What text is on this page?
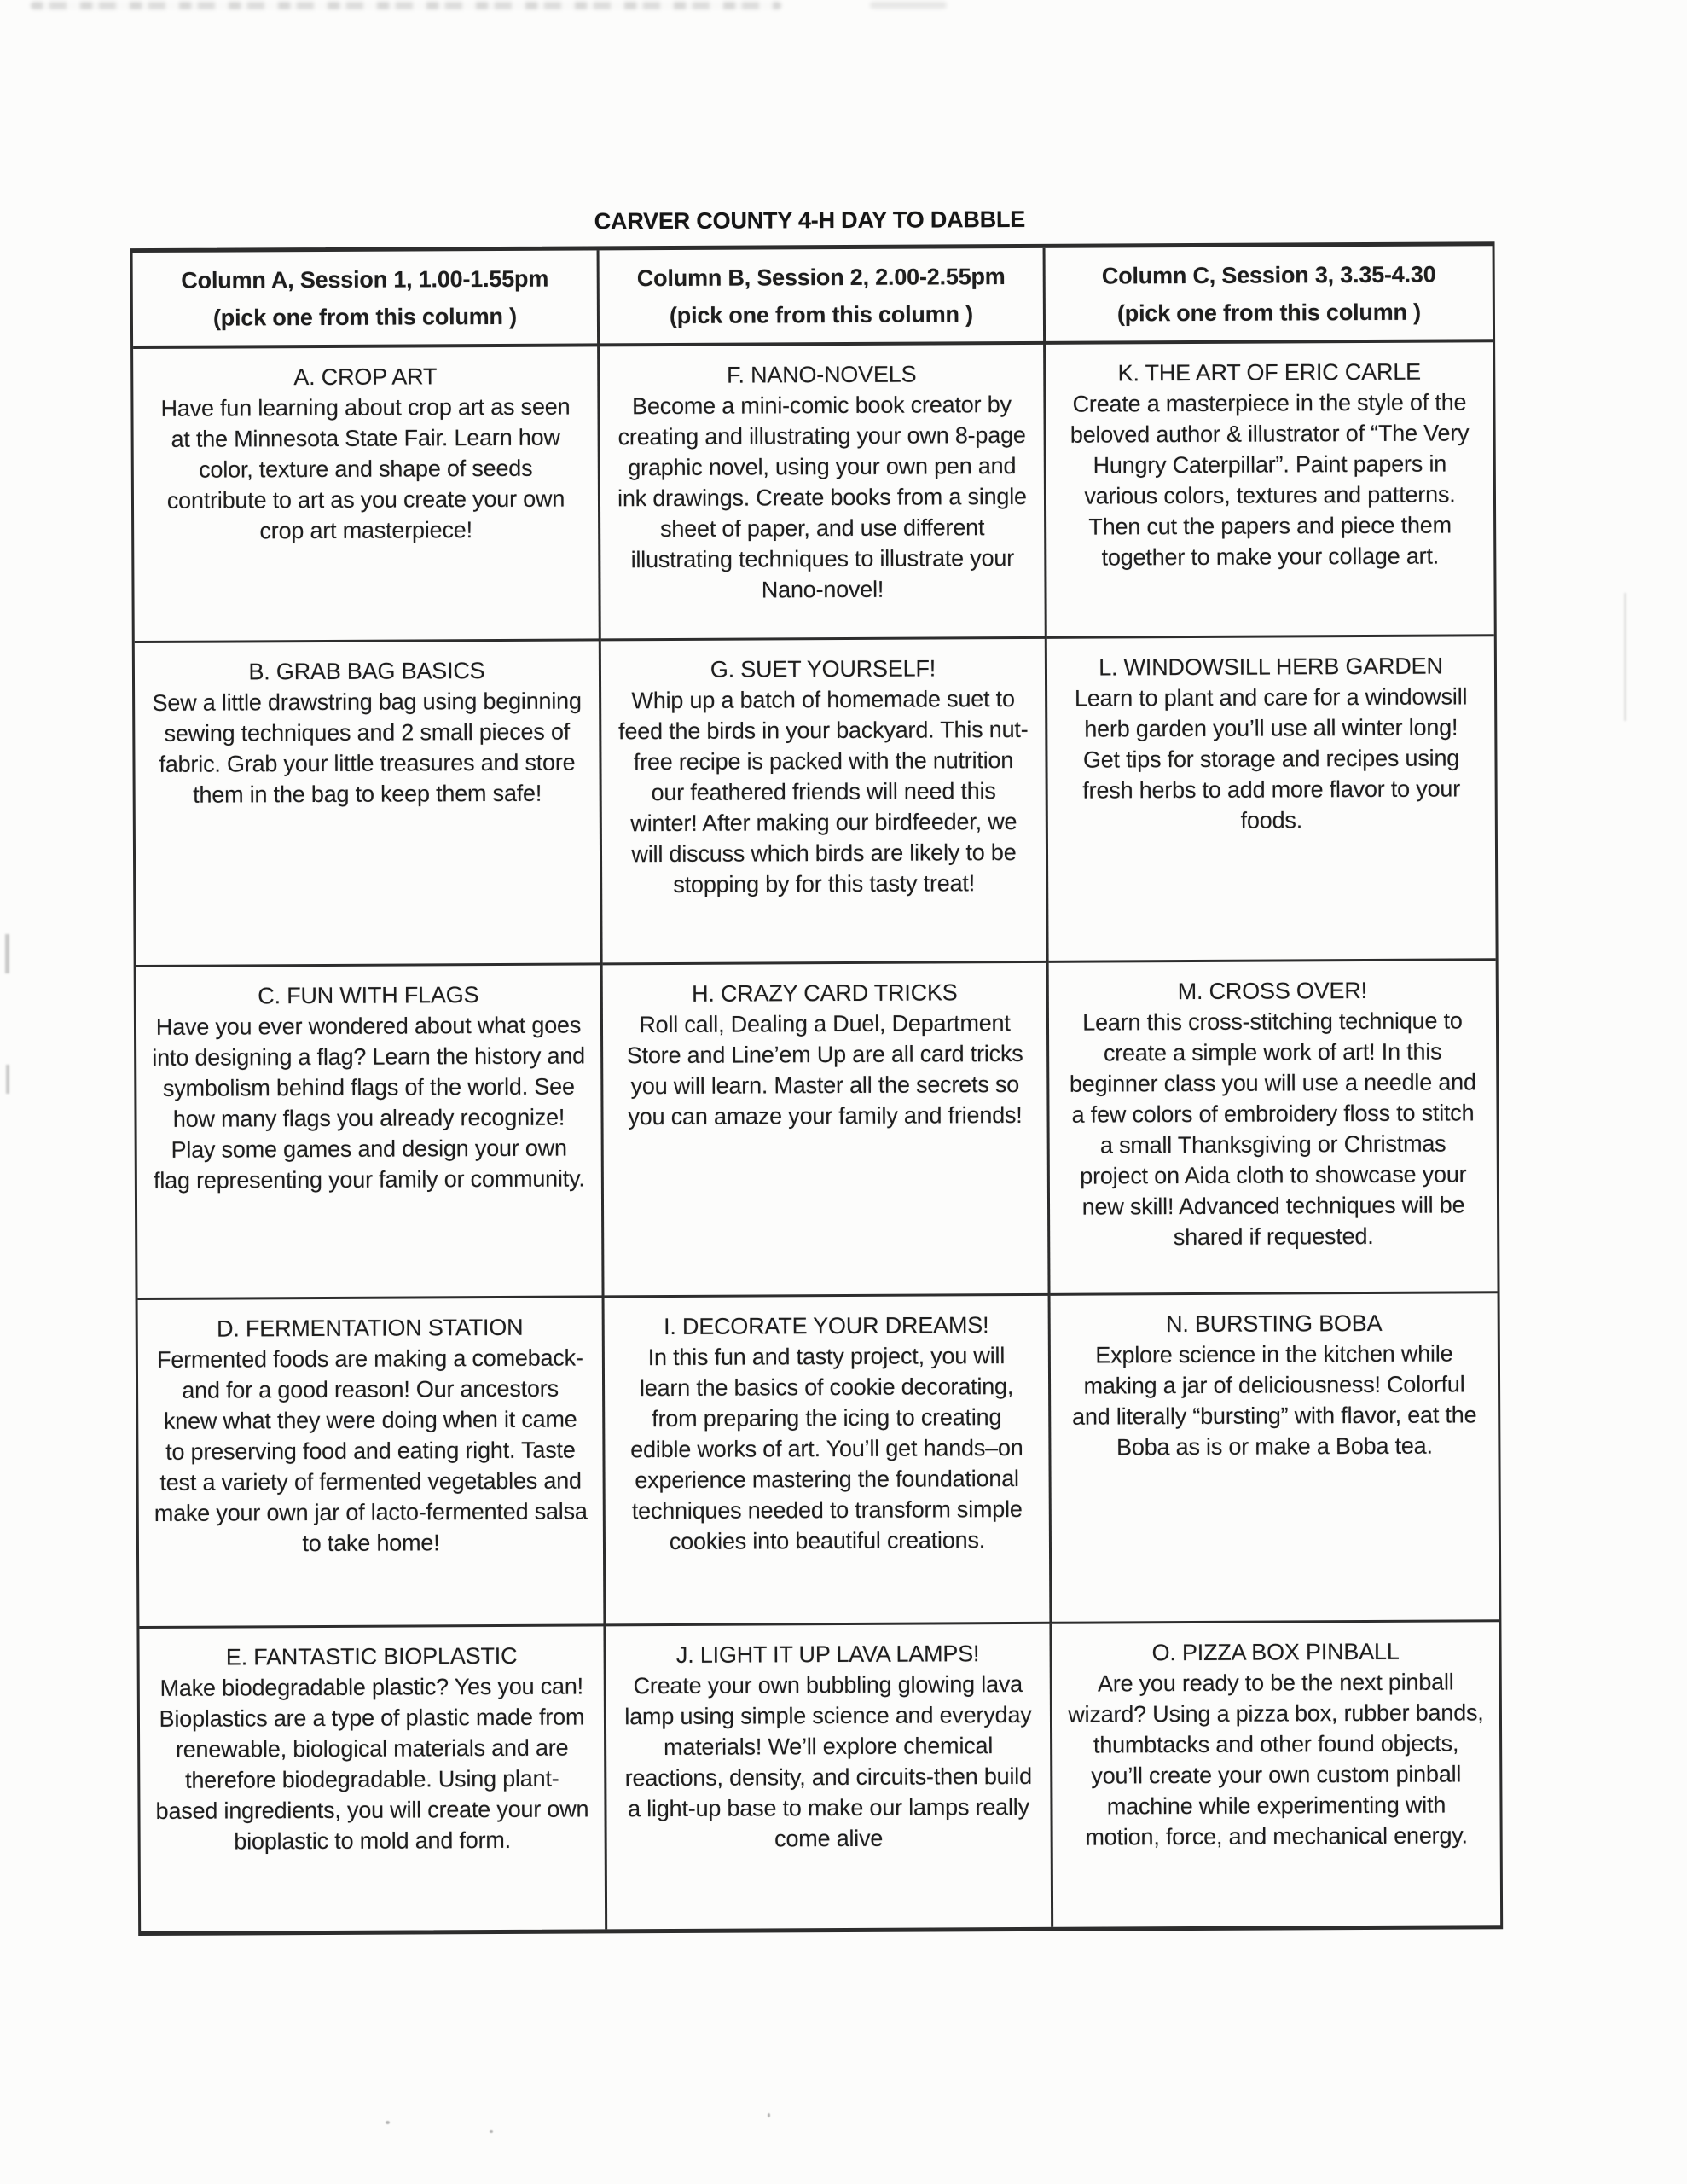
CARVER COUNTY 4-H DAY TO DABBLE
Column A, Session 1, 1.00-1.55pm
(pick one from this column )
Column B, Session 2, 2.00-2.55pm
(pick one from this column )
Column C, Session 3, 3.35-4.30
(pick one from this column )
A. CROP ART
Have fun learning about crop art as seen at the Minnesota State Fair. Learn how color, texture and shape of seeds contribute to art as you create your own crop art masterpiece!
F. NANO-NOVELS
Become a mini-comic book creator by creating and illustrating your own 8-page graphic novel, using your own pen and ink drawings. Create books from a single sheet of paper, and use different illustrating techniques to illustrate your Nano-novel!
K. THE ART OF ERIC CARLE
Create a masterpiece in the style of the beloved author & illustrator of “The Very Hungry Caterpillar”. Paint papers in various colors, textures and patterns. Then cut the papers and piece them together to make your collage art.
B. GRAB BAG BASICS
Sew a little drawstring bag using beginning sewing techniques and 2 small pieces of fabric. Grab your little treasures and store them in the bag to keep them safe!
G. SUET YOURSELF!
Whip up a batch of homemade suet to feed the birds in your backyard. This nut-free recipe is packed with the nutrition our feathered friends will need this winter! After making our birdfeeder, we will discuss which birds are likely to be stopping by for this tasty treat!
L. WINDOWSILL HERB GARDEN
Learn to plant and care for a windowsill herb garden you’ll use all winter long! Get tips for storage and recipes using fresh herbs to add more flavor to your foods.
C. FUN WITH FLAGS
Have you ever wondered about what goes into designing a flag? Learn the history and symbolism behind flags of the world. See how many flags you already recognize! Play some games and design your own flag representing your family or community.
H. CRAZY CARD TRICKS
Roll call, Dealing a Duel, Department Store and Line’em Up are all card tricks you will learn. Master all the secrets so you can amaze your family and friends!
M. CROSS OVER!
Learn this cross-stitching technique to create a simple work of art! In this beginner class you will use a needle and a few colors of embroidery floss to stitch a small Thanksgiving or Christmas project on Aida cloth to showcase your new skill! Advanced techniques will be shared if requested.
D. FERMENTATION STATION
Fermented foods are making a comeback- and for a good reason! Our ancestors knew what they were doing when it came to preserving food and eating right. Taste test a variety of fermented vegetables and make your own jar of lacto-fermented salsa to take home!
I. DECORATE YOUR DREAMS!
In this fun and tasty project, you will learn the basics of cookie decorating, from preparing the icing to creating edible works of art. You’ll get hands–on experience mastering the foundational techniques needed to transform simple cookies into beautiful creations.
N. BURSTING BOBA
Explore science in the kitchen while making a jar of deliciousness! Colorful and literally “bursting” with flavor, eat the Boba as is or make a Boba tea.
E. FANTASTIC BIOPLASTIC
Make biodegradable plastic? Yes you can! Bioplastics are a type of plastic made from renewable, biological materials and are therefore biodegradable. Using plant-based ingredients, you will create your own bioplastic to mold and form.
J. LIGHT IT UP LAVA LAMPS!
Create your own bubbling glowing lava lamp using simple science and everyday materials! We’ll explore chemical reactions, density, and circuits-then build a light-up base to make our lamps really come alive
O. PIZZA BOX PINBALL
Are you ready to be the next pinball wizard? Using a pizza box, rubber bands, thumbtacks and other found objects, you’ll create your own custom pinball machine while experimenting with motion, force, and mechanical energy.
